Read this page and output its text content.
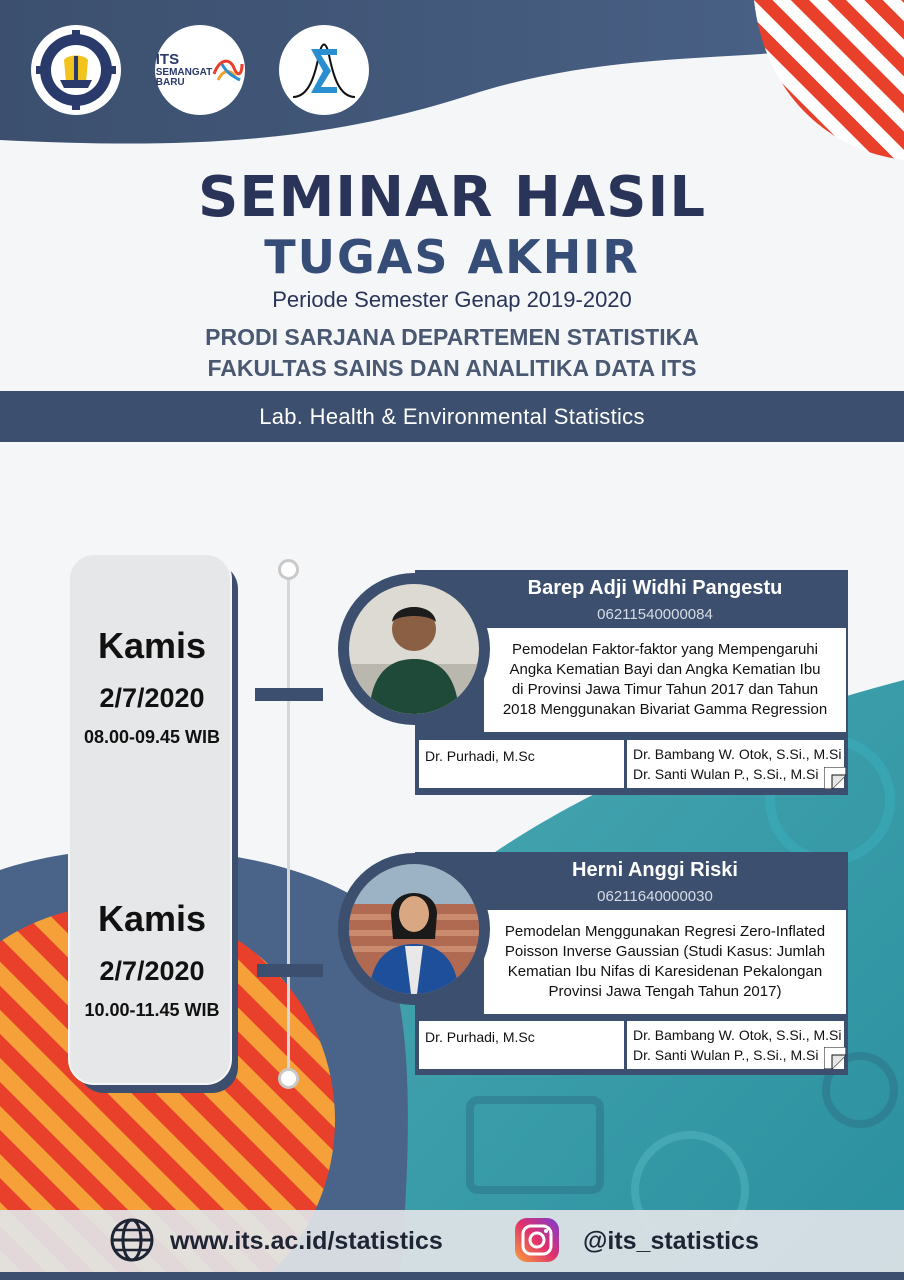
ITS
SEMANGAT
BARU
SEMINAR HASIL
TUGAS AKHIR
Periode Semester Genap 2019-2020
PRODI SARJANA DEPARTEMEN STATISTIKA
FAKULTAS SAINS DAN ANALITIKA DATA ITS
Lab. Health & Environmental Statistics
Kamis
2/7/2020
08.00-09.45 WIB
Kamis
2/7/2020
10.00-11.45 WIB
Barep Adji Widhi Pangestu
06211540000084
Pemodelan Faktor-faktor yang Mempengaruhi
Angka Kematian Bayi dan Angka Kematian Ibu
di Provinsi Jawa Timur Tahun 2017 dan Tahun
2018 Menggunakan Bivariat Gamma Regression
Dr. Purhadi, M.Sc	Dr. Bambang W. Otok, S.Si., M.Si
Dr. Santi Wulan P., S.Si., M.Si
Herni Anggi Riski
06211640000030
Pemodelan Menggunakan Regresi Zero-Inflated
Poisson Inverse Gaussian (Studi Kasus: Jumlah
Kematian Ibu Nifas di Karesidenan Pekalongan
Provinsi Jawa Tengah Tahun 2017)
Dr. Purhadi, M.Sc	Dr. Bambang W. Otok, S.Si., M.Si
Dr. Santi Wulan P., S.Si., M.Si
www.its.ac.id/statistics	@its_statistics
